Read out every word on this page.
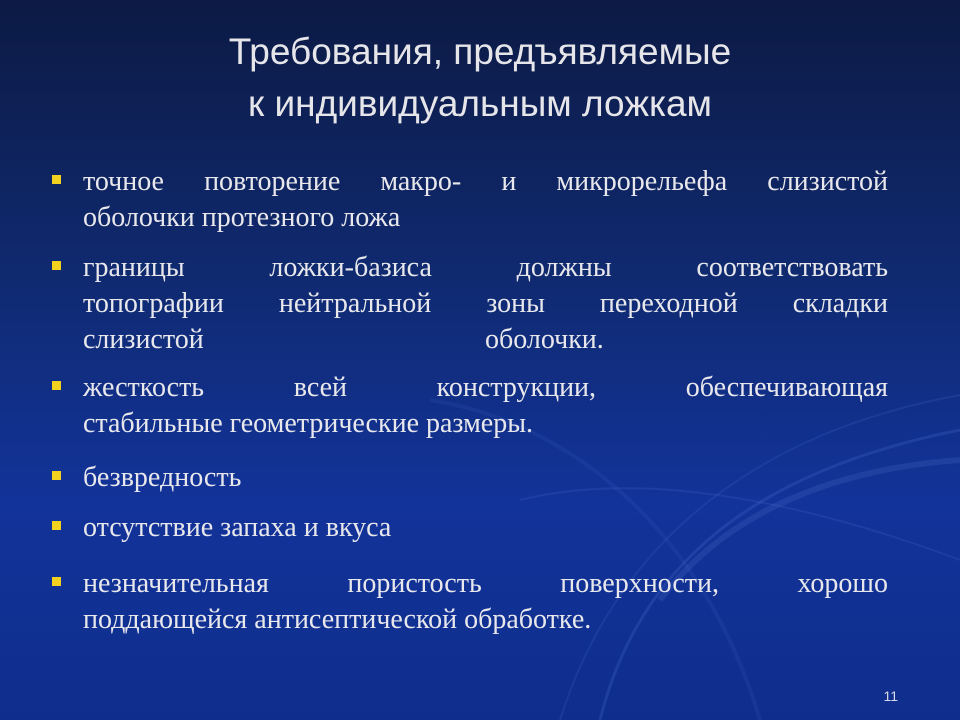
Требования, предъявляемые
к индивидуальным ложкам
точное повторение макро- и микрорельефа слизистой
оболочки протезного ложа
границы ложки-базиса должны соответствовать
топографии нейтральной зоны переходной складки
слизистой	оболочки.
жесткость всей конструкции, обеспечивающая
стабильные геометрические размеры.
безвредность
отсутствие запаха и вкуса
незначительная пористость поверхности, хорошо
поддающейся антисептической обработке.
11
